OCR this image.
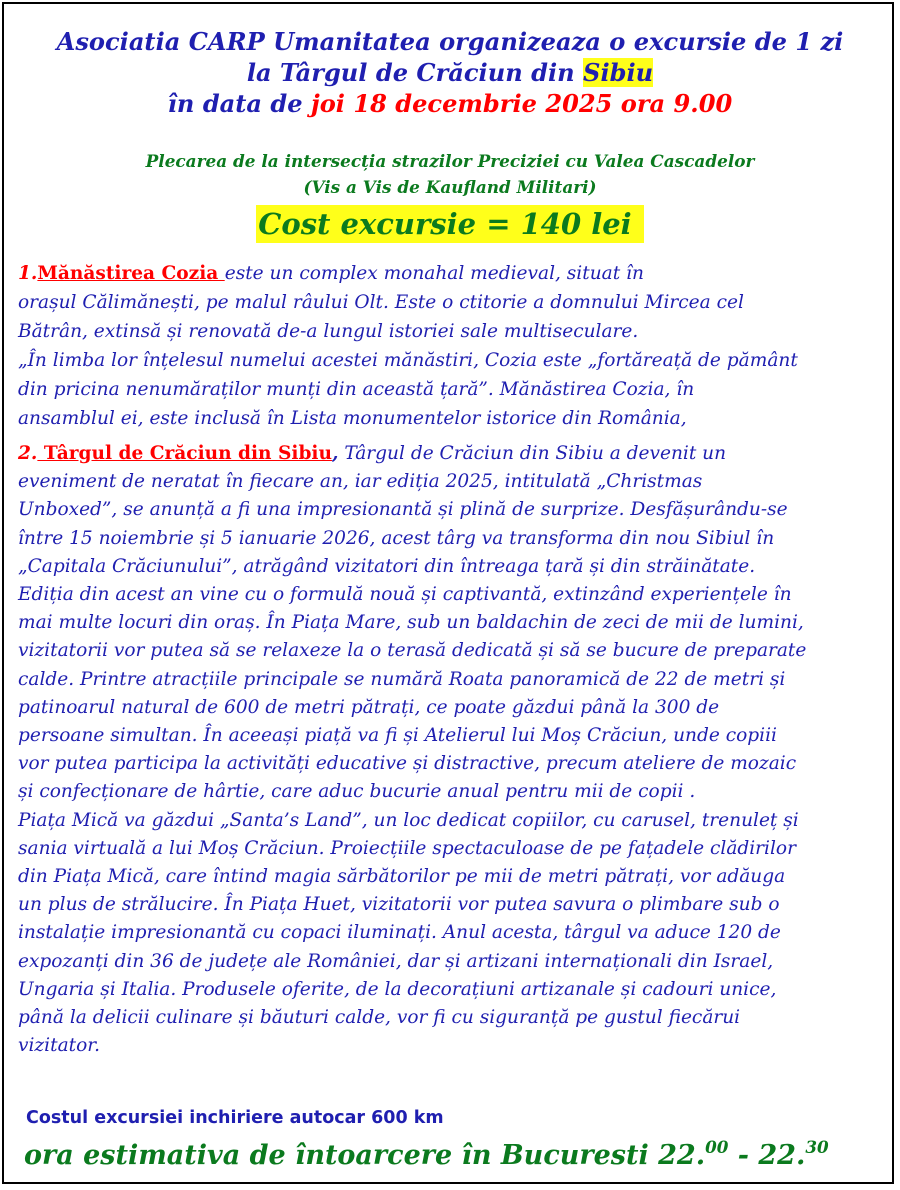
Asociatia CARP Umanitatea organizeaza o excursie de 1 zi
la Târgul de Crăciun din Sibiu
în data de joi 18 decembrie 2025 ora 9.00
Plecarea de la intersecția strazilor Preciziei cu Valea Cascadelor
(Vis a Vis de Kaufland Militari)
Cost excursie = 140 lei
1.Mănăstirea Cozia este un complex monahal medieval, situat în
orașul Călimănești, pe malul râului Olt. Este o ctitorie a domnului Mircea cel
Bătrân, extinsă și renovată de-a lungul istoriei sale multiseculare.
„În limba lor înțelesul numelui acestei mănăstiri, Cozia este „fortăreață de pământ
din pricina nenumăraților munți din această țară”. Mănăstirea Cozia, în
ansamblul ei, este inclusă în Lista monumentelor istorice din România,
2. Târgul de Crăciun din Sibiu, Târgul de Crăciun din Sibiu a devenit un
eveniment de neratat în fiecare an, iar ediția 2025, intitulată „Christmas
Unboxed”, se anunță a fi una impresionantă și plină de surprize. Desfășurându-se
între 15 noiembrie și 5 ianuarie 2026, acest târg va transforma din nou Sibiul în
„Capitala Crăciunului”, atrăgând vizitatori din întreaga țară și din străinătate.
Ediția din acest an vine cu o formulă nouă și captivantă, extinzând experiențele în
mai multe locuri din oraș. În Piața Mare, sub un baldachin de zeci de mii de lumini,
vizitatorii vor putea să se relaxeze la o terasă dedicată și să se bucure de preparate
calde. Printre atracțiile principale se numără Roata panoramică de 22 de metri și
patinoarul natural de 600 de metri pătrați, ce poate găzdui până la 300 de
persoane simultan. În aceeași piață va fi și Atelierul lui Moș Crăciun, unde copiii
vor putea participa la activități educative și distractive, precum ateliere de mozaic
și confecționare de hârtie, care aduc bucurie anual pentru mii de copii .
Piața Mică va găzdui „Santa’s Land”, un loc dedicat copiilor, cu carusel, trenuleț și
sania virtuală a lui Moș Crăciun. Proiecțiile spectaculoase de pe fațadele clădirilor
din Piața Mică, care întind magia sărbătorilor pe mii de metri pătrați, vor adăuga
un plus de strălucire. În Piața Huet, vizitatorii vor putea savura o plimbare sub o
instalație impresionantă cu copaci iluminați. Anul acesta, târgul va aduce 120 de
expozanți din 36 de județe ale României, dar și artizani internaționali din Israel,
Ungaria și Italia. Produsele oferite, de la decorațiuni artizanale și cadouri unice,
până la delicii culinare și băuturi calde, vor fi cu siguranță pe gustul fiecărui
vizitator.
Costul excursiei inchiriere autocar 600 km
ora estimativa de întoarcere în Bucuresti 22.00 - 22.30
